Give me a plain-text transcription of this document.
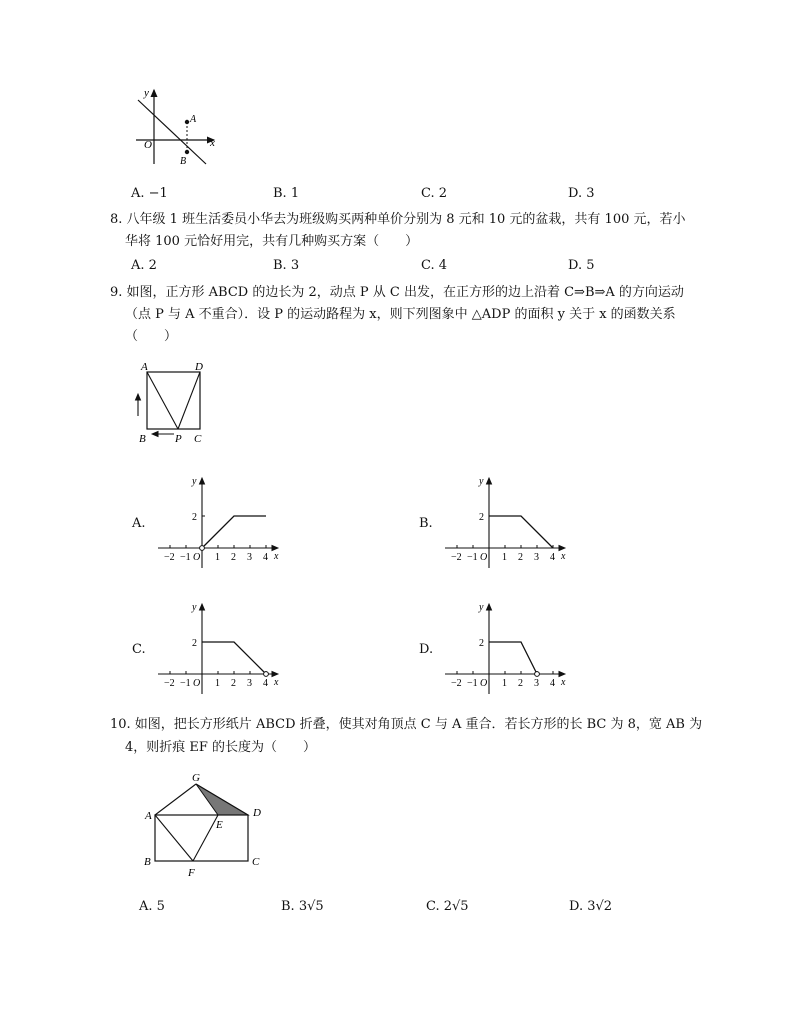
y
x
O
A
B
A. −1	B. 1	C. 2	D. 3
8. 八年级 1 班生活委员小华去为班级购买两种单价分别为 8 元和 10 元的盆栽，共有 100 元，若小
华将 100 元恰好用完，共有几种购买方案（　　）
A. 2	B. 3	C. 4	D. 5
9. 如图，正方形 ABCD 的边长为 2，动点 P 从 C 出发，在正方形的边上沿着 C⇒B⇒A 的方向运动
（点 P 与 A 不重合）．设 P 的运动路程为 x，则下列图象中 △ADP 的面积 y 关于 x 的函数关系
（　　）
A	D
B	P C
A.	B.
C.	D.
−2 −1 1 2 3 4
O
2
y
x	−2 −1 1 2 3 4
O
2
y
x
−2 −1 1 2 3 4
O
2
y
x	−2 −1 1 2 3 4
O
2
y
x
10. 如图，把长方形纸片 ABCD 折叠，使其对角顶点 C 与 A 重合．若长方形的长 BC 为 8，宽 AB 为
4，则折痕 EF 的长度为（　　）
G
A	D
E
B	C
F
A. 5	B. 3√5	C. 2√5	D. 3√2
